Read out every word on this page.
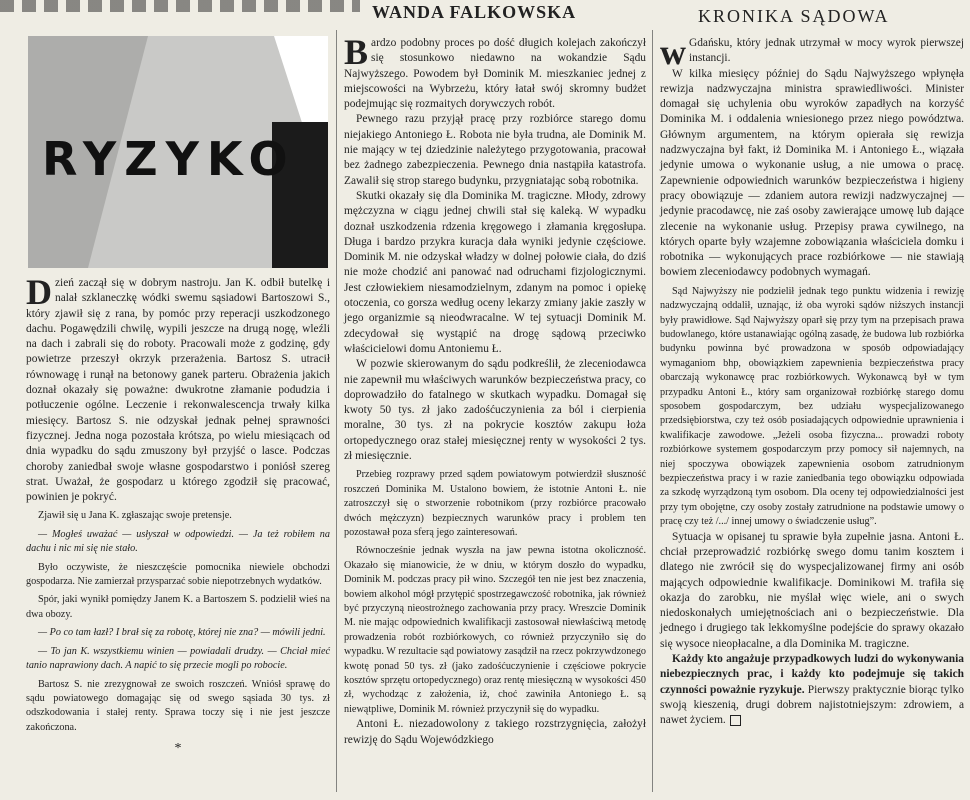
WANDA FALKOWSKA	KRONIKA SĄDOWA
RYZYKO

Dzień zaczął się w dobrym nastroju. Jan K. odbił butelkę i nalał szklaneczkę wódki swemu sąsiadowi Bartoszowi S., który zjawił się z rana, by pomóc przy reperacji uszkodzonego dachu. Pogawędzili chwilę, wypili jeszcze na drugą nogę, wleźli na dach i zabrali się do roboty. Pracowali może z godzinę, gdy powietrze przeszył okrzyk przerażenia. Bartosz S. utracił równowagę i runął na betonowy ganek parteru. Obrażenia jakich doznał okazały się poważne: dwukrotne złamanie podudzia i potłuczenie ogólne. Leczenie i rekonwalescencja trwały kilka miesięcy. Bartosz S. nie odzyskał jednak pełnej sprawności fizycznej. Jedna noga pozostała krótsza, po wielu miesiącach od dnia wypadku do sądu zmuszony był przyjść o lasce. Podczas choroby zaniedbał swoje własne gospodarstwo i poniósł szereg strat. Uważał, że gospodarz u którego zgodził się pracować, powinien je pokryć.

Zjawił się u Jana K. zgłaszając swoje pretensje.

— Mogłeś uważać — usłyszał w odpowiedzi. — Ja też robiłem na dachu i nic mi się nie stało.

Było oczywiste, że nieszczęście pomocnika niewiele obchodzi gospodarza. Nie zamierzał przysparzać sobie niepotrzebnych wydatków.

Spór, jaki wynikł pomiędzy Janem K. a Bartoszem S. podzielił wieś na dwa obozy.

— Po co tam łazł? I brał się za robotę, której nie zna? — mówili jedni.

— To jan K. wszystkiemu winien — powiadali drudzy. — Chciał mieć tanio naprawiony dach. A napić to się przecie mogli po robocie.

Bartosz S. nie zrezygnował ze swoich roszczeń. Wniósł sprawę do sądu powiatowego domagając się od swego sąsiada 30 tys. zł odszkodowania i stałej renty. Sprawa toczy się i nie jest jeszcze zakończona.

*

Bardzo podobny proces po dość długich kolejach zakończył się stosunkowo niedawno na wokandzie Sądu Najwyższego. Powodem był Dominik M. mieszkaniec jednej z miejscowości na Wybrzeżu, który łatał swój skromny budżet podejmując się rozmaitych dorywczych robót.

Pewnego razu przyjął pracę przy rozbiórce starego domu niejakiego Antoniego Ł. Robota nie była trudna, ale Dominik M. nie mający w tej dziedzinie należytego przygotowania, pracował bez żadnego zabezpieczenia. Pewnego dnia nastąpiła katastrofa. Zawalił się strop starego budynku, przygniatając sobą robotnika.

Skutki okazały się dla Dominika M. tragiczne. Młody, zdrowy mężczyzna w ciągu jednej chwili stał się kaleką. W wypadku doznał uszkodzenia rdzenia kręgowego i złamania kręgosłupa. Długa i bardzo przykra kuracja dała wyniki jedynie częściowe. Dominik M. nie odzyskał władzy w dolnej połowie ciała, do dziś nie może chodzić ani panować nad odruchami fizjologicznymi. Jest człowiekiem niesamodzielnym, zdanym na pomoc i opiekę otoczenia, co gorsza według oceny lekarzy zmiany jakie zaszły w jego organizmie są nieodwracalne. W tej sytuacji Dominik M. zdecydował się wystąpić na drogę sądową przeciwko właścicielowi domu Antoniemu Ł.

W pozwie skierowanym do sądu podkreślił, że zleceniodawca nie zapewnił mu właściwych warunków bezpieczeństwa pracy, co doprowadziło do fatalnego w skutkach wypadku. Domagał się kwoty 50 tys. zł jako zadośćuczynienia za ból i cierpienia moralne, 30 tys. zł na pokrycie kosztów zakupu łoża ortopedycznego oraz stałej miesięcznej renty w wysokości 2 tys. zł miesięcznie.

Przebieg rozprawy przed sądem powiatowym potwierdził słuszność roszczeń Dominika M. Ustalono bowiem, że istotnie Antoni Ł. nie zatroszczył się o stworzenie robotnikom (przy rozbiórce pracowało dwóch mężczyzn) bezpiecznych warunków pracy i problem ten pozostawał poza sferą jego zainteresowań.

Równocześnie jednak wyszła na jaw pewna istotna okoliczność. Okazało się mianowicie, że w dniu, w którym doszło do wypadku, Dominik M. podczas pracy pił wino. Szczegół ten nie jest bez znaczenia, bowiem alkohol mógł przytępić spostrzegawczość robotnika, jak również być przyczyną nieostrożnego zachowania przy pracy. Wreszcie Dominik M. nie mając odpowiednich kwalifikacji zastosował niewłaściwą metodę prowadzenia robót rozbiórkowych, co również przyczyniło się do wypadku. W rezultacie sąd powiatowy zasądził na rzecz pokrzywdzonego kwotę ponad 50 tys. zł (jako zadośćuczynienie i częściowe pokrycie kosztów sprzętu ortopedycznego) oraz rentę miesięczną w wysokości 450 zł, wychodząc z założenia, iż, choć zawiniła Antoniego Ł. są niewątpliwe, Dominik M. również przyczynił się do wypadku.

Antoni Ł. niezadowolony z takiego rozstrzygnięcia, założył rewizję do Sądu Wojewódzkiego

wGdańsku, który jednak utrzymał w mocy wyrok pierwszej instancji.

W kilka miesięcy później do Sądu Najwyższego wpłynęła rewizja nadzwyczajna ministra sprawiedliwości. Minister domagał się uchylenia obu wyroków zapadłych na korzyść Dominika M. i oddalenia wniesionego przez niego powództwa. Głównym argumentem, na którym opierała się rewizja nadzwyczajna był fakt, iż Dominika M. i Antoniego Ł., wiązała jedynie umowa o wykonanie usług, a nie umowa o pracę. Zapewnienie odpowiednich warunków bezpieczeństwa i higieny pracy obowiązuje — zdaniem autora rewizji nadzwyczajnej — jedynie pracodawcę, nie zaś osoby zawierające umowę lub dające zlecenie na wykonanie usług. Przepisy prawa cywilnego, na których oparte były wzajemne zobowiązania właściciela domku i robotnika — wykonujących prace rozbiórkowe — nie stawiają bowiem zleceniodawcy podobnych wymagań.

Sąd Najwyższy nie podzielił jednak tego punktu widzenia i rewizję nadzwyczajną oddalił, uznając, iż oba wyroki sądów niższych instancji były prawidłowe. Sąd Najwyższy oparł się przy tym na przepisach prawa budowlanego, które ustanawiając ogólną zasadę, że budowa lub rozbiórka budynku powinna być prowadzona w sposób odpowiadający wymaganiom bhp, obowiązkiem zapewnienia bezpieczeństwa pracy obarczają wykonawcę prac rozbiórkowych. Wykonawcą był w tym przypadku Antoni Ł., który sam organizował rozbiórkę starego domu sposobem gospodarczym, bez udziału wyspecjalizowanego przedsiębiorstwa, czy też osób posiadających odpowiednie uprawnienia i kwalifikacje zawodowe. „Jeżeli osoba fizyczna... prowadzi roboty rozbiórkowe systemem gospodarczym przy pomocy sił najemnych, na niej spoczywa obowiązek zapewnienia osobom zatrudnionym bezpieczeństwa pracy i w razie zaniedbania tego obowiązku odpowiada za szkodę wyrządzoną tym osobom. Dla oceny tej odpowiedzialności jest przy tym obojętne, czy osoby zostały zatrudnione na podstawie umowy o pracę czy też /.../ innej umowy o świadczenie usług”.

Sytuacja w opisanej tu sprawie była zupełnie jasna. Antoni Ł. chciał przeprowadzić rozbiórkę swego domu tanim kosztem i dlatego nie zwrócił się do wyspecjalizowanej firmy ani osób mających odpowiednie kwalifikacje. Dominikowi M. trafiła się okazja do zarobku, nie myślał więc wiele, ani o swych niedoskonałych umiejętnościach ani o bezpieczeństwie. Dla jednego i drugiego tak lekkomyślne podejście do sprawy okazało się wysoce nieopłacalne, a dla Dominika M. tragiczne.

Każdy kto angażuje przypadkowych ludzi do wykonywania niebezpiecznych prac, i każdy kto podejmuje się takich czynności poważnie ryzykuje. Pierwszy praktycznie biorąc tylko swoją kieszenią, drugi dobrem najistotniejszym: zdrowiem, a nawet życiem.
